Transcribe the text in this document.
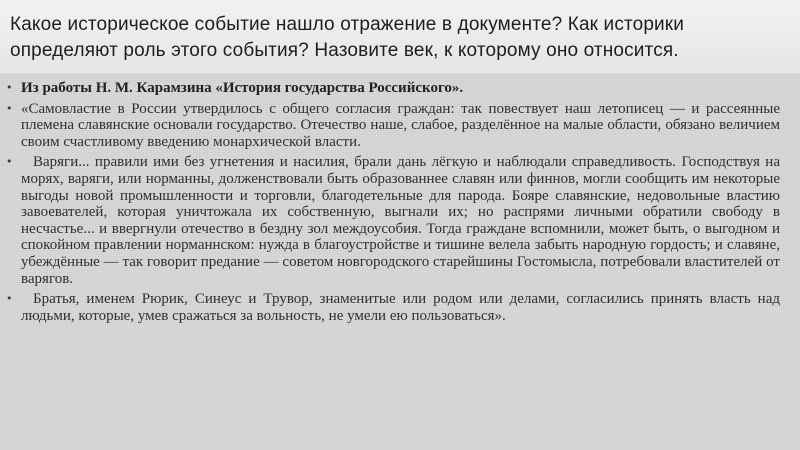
Какое историческое событие нашло отражение в документе? Как историки определяют роль этого события? Назовите век, к которому оно относится.
• Из работы Н. М. Карамзина «История государства Российского».
• «Самовластие в России утвердилось с общего согласия граждан: так повествует наш летописец — и рассеянные племена славянские основали государство. Отечество наше, слабое, разделённое на малые области, обязано величием своим счастливому введению монархической власти.
• Варяги... правили ими без угнетения и насилия, брали дань лёгкую и наблюдали справедливость. Господствуя на морях, варяги, или норманны, долженствовали быть образованнее славян или финнов, могли сообщить им некоторые выгоды новой промышленности и торговли, благодетельные для парода. Бояре славянские, недовольные властию завоевателей, которая уничтожала их собственную, выгнали их; но распрями личными обратили свободу в несчастье... и ввергнули отечество в бездну зол междоусобия. Тогда граждане вспомнили, может быть, о выгодном и спокойном правлении норманнском: нужда в благоустройстве и тишине велела забыть народную гордость; и славяне, убеждённые — так говорит предание — советом новгородского старейшины Гостомысла, потребовали властителей от варягов.
• Братья, именем Рюрик, Синеус и Трувор, знаменитые или родом или делами, согласились принять власть над людьми, которые, умев сражаться за вольность, не умели ею пользоваться».
